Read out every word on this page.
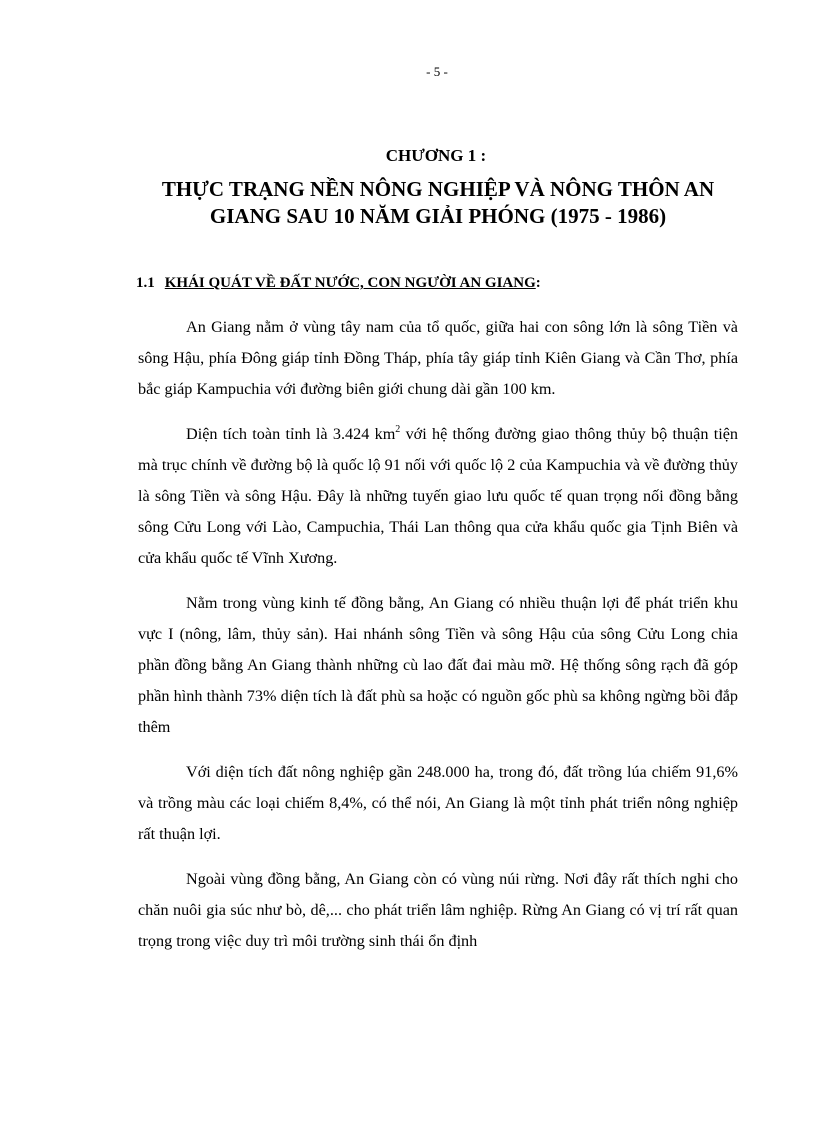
- 5 -
CHƯƠNG 1 :
THỰC TRẠNG NỀN NÔNG NGHIỆP VÀ NÔNG THÔN AN GIANG SAU 10 NĂM GIẢI PHÓNG (1975 - 1986)
1.1 KHÁI QUÁT VỀ ĐẤT NƯỚC, CON NGƯỜI AN GIANG:

An Giang nằm ở vùng tây nam của tổ quốc, giữa hai con sông lớn là sông Tiền và sông Hậu, phía Đông giáp tỉnh Đồng Tháp, phía tây giáp tỉnh Kiên Giang và Cần Thơ, phía bắc giáp Kampuchia với đường biên giới chung dài gần 100 km.

Diện tích toàn tỉnh là 3.424 $km^2$ với hệ thống đường giao thông thủy bộ thuận tiện mà trục chính về đường bộ là quốc lộ 91 nối với quốc lộ 2 của Kampuchia và về đường thủy là sông Tiền và sông Hậu. Đây là những tuyến giao lưu quốc tế quan trọng nối đồng bằng sông Cửu Long với Lào, Campuchia, Thái Lan thông qua cửa khẩu quốc gia Tịnh Biên và cửa khẩu quốc tế Vĩnh Xương.

Nằm trong vùng kinh tế đồng bằng, An Giang có nhiều thuận lợi để phát triển khu vực I (nông, lâm, thủy sản). Hai nhánh sông Tiền và sông Hậu của sông Cửu Long chia phần đồng bằng An Giang thành những cù lao đất đai màu mỡ. Hệ thống sông rạch đã góp phần hình thành 73% diện tích là đất phù sa hoặc có nguồn gốc phù sa không ngừng bồi đắp thêm

Với diện tích đất nông nghiệp gần 248.000 ha, trong đó, đất trồng lúa chiếm 91,6% và trồng màu các loại chiếm 8,4%, có thể nói, An Giang là một tỉnh phát triển nông nghiệp rất thuận lợi.

Ngoài vùng đồng bằng, An Giang còn có vùng núi rừng. Nơi đây rất thích nghi cho chăn nuôi gia súc như bò, dê,... cho phát triển lâm nghiệp. Rừng An Giang có vị trí rất quan trọng trong việc duy trì môi trường sinh thái ổn định
